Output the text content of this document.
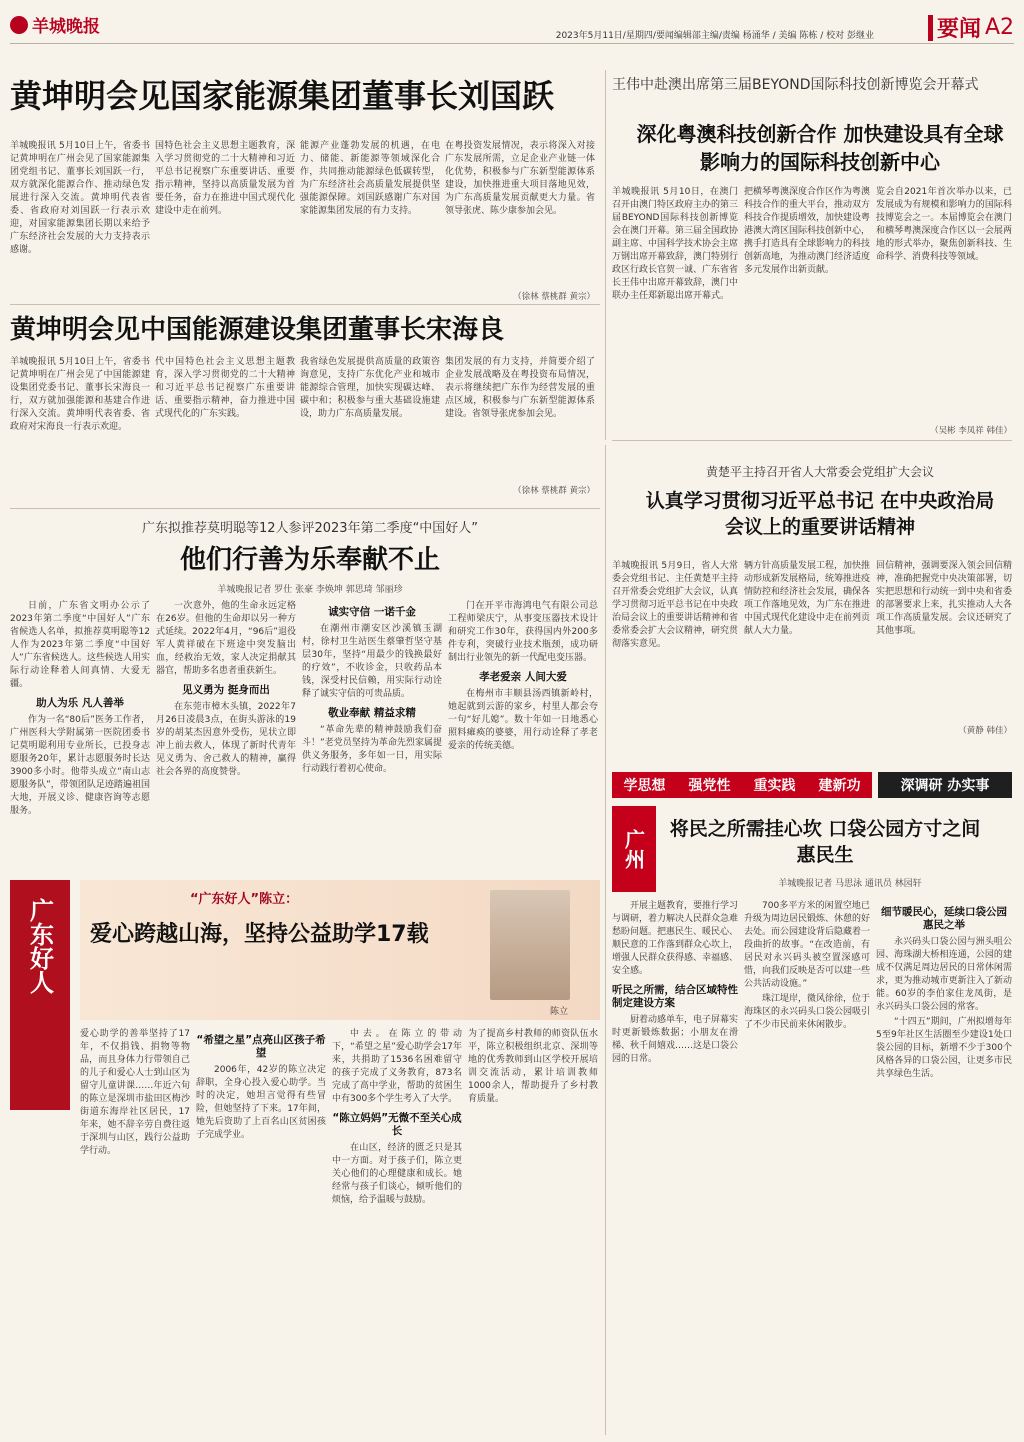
羊城晚报	2023年5月11日/星期四/要闻编辑部主编/责编 杨涌华 / 美编 陈栋 / 校对 彭继业	要闻 A2
黄坤明会见国家能源集团董事长刘国跃
羊城晚报讯 5月10日上午，省委书记黄坤明在广州会见了国家能源集团党组书记、董事长刘国跃一行，双方就深化能源合作、推动绿色发展进行深入交流。黄坤明代表省委、省政府对刘国跃一行表示欢迎，对国家能源集团长期以来给予广东经济社会发展的大力支持表示感谢。
国特色社会主义思想主题教育，深入学习贯彻党的二十大精神和习近平总书记视察广东重要讲话、重要指示精神，坚持以高质量发展为首要任务，奋力在推进中国式现代化建设中走在前列。
能源产业蓬勃发展的机遇，在电力、储能、新能源等领域深化合作，共同推动能源绿色低碳转型，为广东经济社会高质量发展提供坚强能源保障。刘国跃感谢广东对国家能源集团发展的有力支持。
在粤投资发展情况，表示将深入对接广东发展所需，立足企业产业链一体化优势，积极参与广东新型能源体系建设，加快推进重大项目落地见效，为广东高质量发展贡献更大力量。省领导张虎、陈少康参加会见。
（徐林 蔡桃群 黄宗）
王伟中赴澳出席第三届BEYOND国际科技创新博览会开幕式
深化粤澳科技创新合作 加快建设具有全球影响力的国际科技创新中心
羊城晚报讯 5月10日，在澳门召开由澳门特区政府主办的第三届BEYOND国际科技创新博览会在澳门开幕。第三届全国政协副主席、中国科学技术协会主席万钢出席开幕致辞，澳门特别行政区行政长官贺一诚、广东省省长王伟中出席开幕致辞，澳门中联办主任郑新聪出席开幕式。
把横琴粤澳深度合作区作为粤澳科技合作的重大平台，推动双方科技合作提质增效，加快建设粤港澳大湾区国际科技创新中心，携手打造具有全球影响力的科技创新高地，为推动澳门经济适度多元发展作出新贡献。
览会自2021年首次举办以来，已发展成为有规模和影响力的国际科技博览会之一。本届博览会在澳门和横琴粤澳深度合作区以一会展两地的形式举办，聚焦创新科技、生命科学、消费科技等领域。
（吴彬 李凤祥 韩佳）
黄坤明会见中国能源建设集团董事长宋海良
羊城晚报讯 5月10日上午，省委书记黄坤明在广州会见了中国能源建设集团党委书记、董事长宋海良一行，双方就加强能源和基建合作进行深入交流。黄坤明代表省委、省政府对宋海良一行表示欢迎。
代中国特色社会主义思想主题教育，深入学习贯彻党的二十大精神和习近平总书记视察广东重要讲话、重要指示精神，奋力推进中国式现代化的广东实践。
我省绿色发展提供高质量的政策咨询意见，支持广东优化产业和城市能源综合管理，加快实现碳达峰、碳中和；积极参与重大基础设施建设，助力广东高质量发展。
集团发展的有力支持，并简要介绍了企业发展战略及在粤投资布局情况，表示将继续把广东作为经营发展的重点区域，积极参与广东新型能源体系建设。省领导张虎参加会见。
（徐林 蔡桃群 黄宗）
黄楚平主持召开省人大常委会党组扩大会议
认真学习贯彻习近平总书记 在中央政治局会议上的重要讲话精神
羊城晚报讯 5月9日，省人大常委会党组书记、主任黄楚平主持召开常委会党组扩大会议，认真学习贯彻习近平总书记在中央政治局会议上的重要讲话精神和省委常委会扩大会议精神，研究贯彻落实意见。
辆方针高质量发展工程，加快推动形成新发展格局，统筹推进疫情防控和经济社会发展，确保各项工作落地见效，为广东在推进中国式现代化建设中走在前列贡献人大力量。
回信精神，强调要深入领会回信精神，准确把握党中央决策部署，切实把思想和行动统一到中央和省委的部署要求上来，扎实推动人大各项工作高质量发展。会议还研究了其他事项。
（黄静 韩佳）
广东拟推荐莫明聪等12人参评2023年第二季度“中国好人”
他们行善为乐奉献不止
羊城晚报记者 罗仕 张豪 李焕坤 郭思琦 邹丽珍

日前，广东省文明办公示了2023年第二季度“中国好人”广东省候选人名单，拟推荐莫明聪等12人作为2023年第二季度“中国好人”广东省候选人。这些候选人用实际行动诠释着人间真情、大爱无疆。

助人为乐 凡人善举

作为一名“80后”医务工作者，广州医科大学附属第一医院团委书记莫明聪利用专业所长，已投身志愿服务20年，累计志愿服务时长达3900多小时。他带头成立“南山志愿服务队”，带领团队足迹踏遍祖国大地，开展义诊、健康咨询等志愿服务。

一次意外，他的生命永远定格在26岁。但他的生命却以另一种方式延续。2022年4月，“96后”退役军人黄祥破在下班途中突发脑出血，经救治无效，家人决定捐献其器官，帮助多名患者重获新生。

见义勇为 挺身而出

在东莞市樟木头镇，2022年7月26日凌晨3点，在街头游泳的19岁的胡某杰因意外受伤，见状立即冲上前去救人，体现了新时代青年见义勇为、舍己救人的精神，赢得社会各界的高度赞誉。

诚实守信 一诺千金

在潮州市潮安区沙溪镇玉湖村，徐村卫生站医生蔡肇哲坚守基层30年，坚持“用最少的钱换最好的疗效”，不收诊金，只收药品本钱，深受村民信赖，用实际行动诠释了诚实守信的可贵品质。

敬业奉献 精益求精

“革命先辈的精神鼓励我们奋斗！”老党员坚持为革命先烈家属提供义务服务，多年如一日，用实际行动践行着初心使命。

门在开平市海鸿电气有限公司总工程师梁庆宁，从事变压器技术设计和研究工作30年，获得国内外200多件专利，突破行业技术瓶颈，成功研制出行业领先的新一代配电变压器。

孝老爱亲 人间大爱

在梅州市丰顺县汤西镇新岭村，她起就到云游的家乡，村里人都会夸一句“好儿媳”。数十年如一日地悉心照料瘫痪的婆婆，用行动诠释了孝老爱亲的传统美德。

学思想 强党性 重实践 建新功	深调研 办实事
广州 将民之所需挂心坎 口袋公园方寸之间惠民生
羊城晚报记者 马思泳 通讯员 林园轩

开展主题教育，要推行学习与调研，着力解决人民群众急难愁盼问题。把惠民生、暖民心、顺民意的工作落到群众心坎上，增强人民群众获得感、幸福感、安全感。

听民之所需，结合区域特性制定建设方案

厨着动感单车，电子屏幕实时更新锻炼数据；小朋友在滑梯、秋千间嬉戏……这是口袋公园的日常。

700多平方米的闲置空地已升级为周边居民锻炼、休憩的好去处。而公园建设背后隐藏着一段曲折的故事。“在改造前，有居民对永兴码头被空置深感可惜，向我们反映是否可以建一些公共活动设施。”

珠江堤岸，微风徐徐，位于海珠区的永兴码头口袋公园吸引了不少市民前来休闲散步。

细节暖民心，延续口袋公园惠民之举

永兴码头口袋公园与洲头咀公园、海珠湖大桥相连通，公园的建成不仅满足周边居民的日常休闲需求，更为推动城市更新注入了新动能。60岁的李伯家住龙凤街，是永兴码头口袋公园的常客。

“十四五”期间，广州拟增每年5至9年社区生活圈至少建设1处口袋公园的目标，新增不少于300个风格各异的口袋公园，让更多市民共享绿色生活。

广东好人	“广东好人”陈立：
爱心跨越山海，坚持公益助学17载
陈立
爱心助学的善举坚持了17年，不仅捐钱、捐物等物品，而且身体力行带领自己的儿子和爱心人士到山区为留守儿童讲课……年近六旬的陈立是深圳市盐田区梅沙街道东海岸社区居民，17年来，她不辞辛劳自费往返于深圳与山区，践行公益助学行动。
“希望之星”点亮山区孩子希望

2006年，42岁的陈立决定辞职，全身心投入爱心助学。当时的决定，她坦言觉得有些冒险，但她坚持了下来。17年间，她先后资助了上百名山区贫困孩子完成学业。

中去。在陈立的带动下，“希望之星”爱心助学会17年来，共捐助了1536名困难留守的孩子完成了义务教育，873名完成了高中学业，帮助的贫困生中有300多个学生考入了大学。

“陈立妈妈”无微不至关心成长

在山区，经济的匮乏只是其中一方面。对于孩子们，陈立更关心他们的心理健康和成长。她经常与孩子们谈心，倾听他们的烦恼，给予温暖与鼓励。

为了提高乡村教师的师资队伍水平，陈立积极组织北京、深圳等地的优秀教师到山区学校开展培训交流活动，累计培训教师1000余人，帮助提升了乡村教育质量。
